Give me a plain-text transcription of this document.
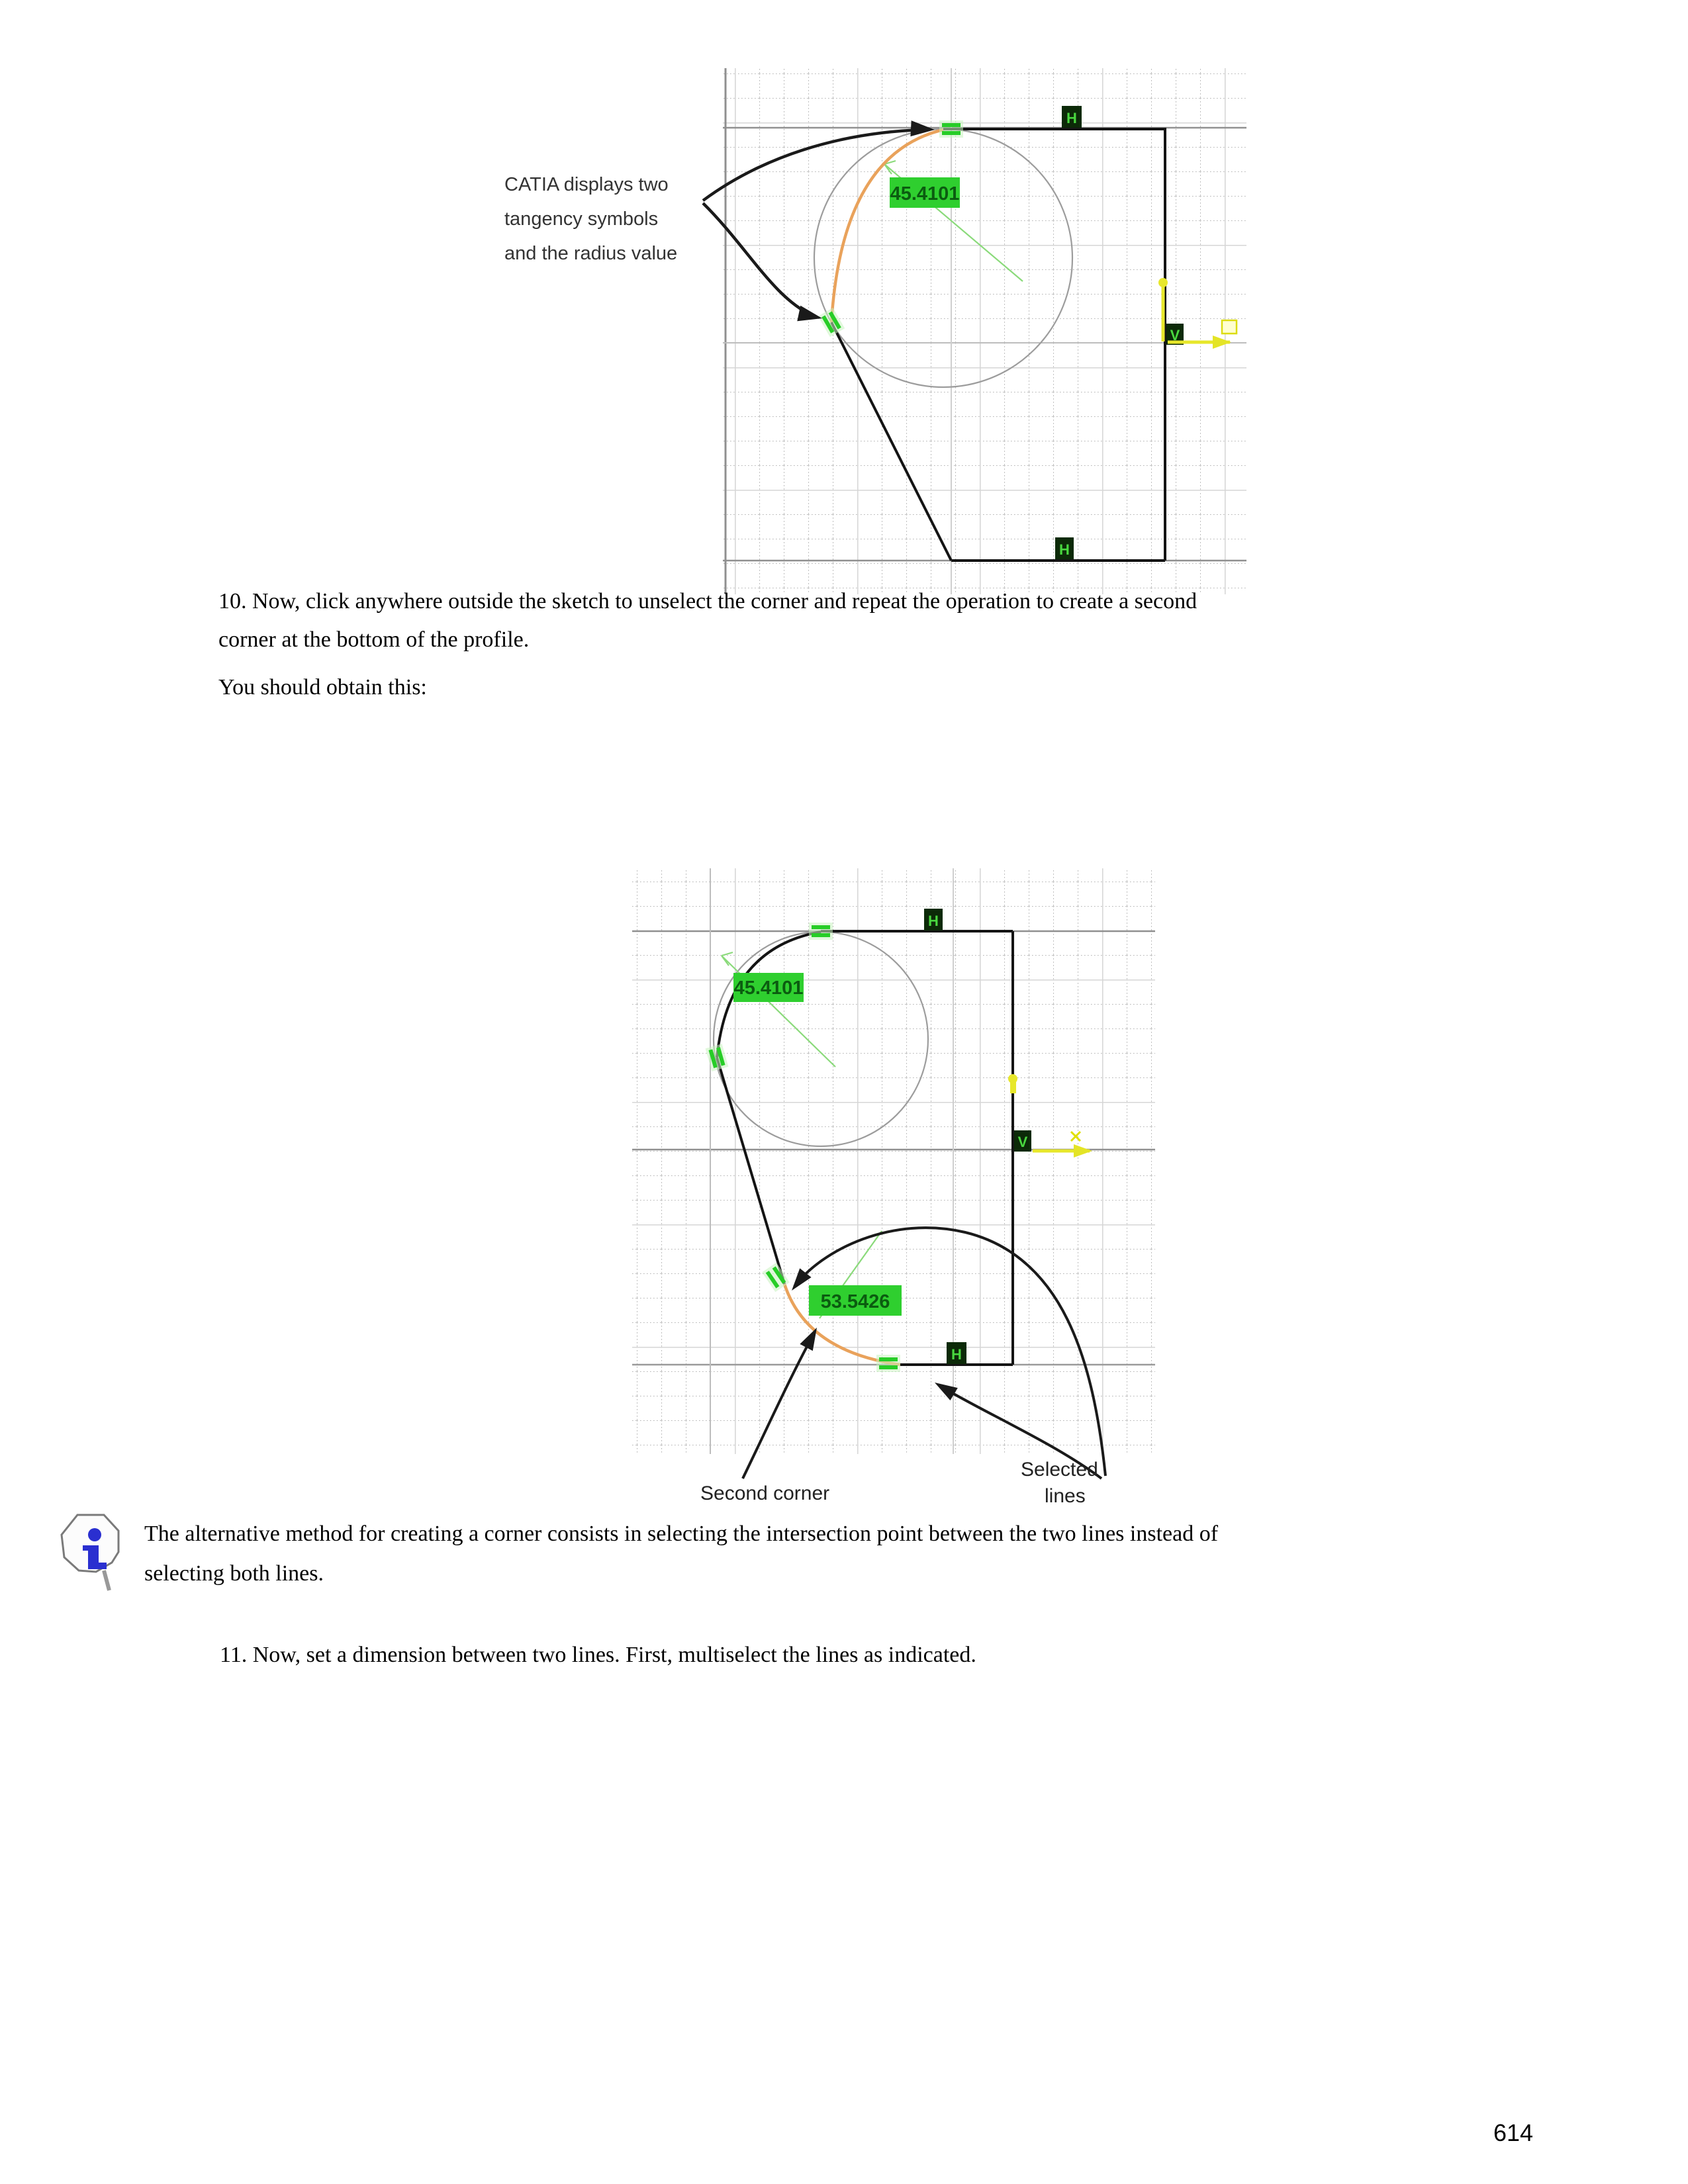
45.4101
H
H
V
CATIA displays two
tangency symbols
and the radius value
10. Now, click anywhere outside the sketch to unselect the corner and repeat the operation to create a second
corner at the bottom of the profile.
You should obtain this:
45.4101
53.5426
H
H
V
Second corner
Selected
lines
The alternative method for creating a corner consists in selecting the intersection point between the two lines instead of
selecting both lines.
11. Now, set a dimension between two lines. First, multiselect the lines as indicated.
614
